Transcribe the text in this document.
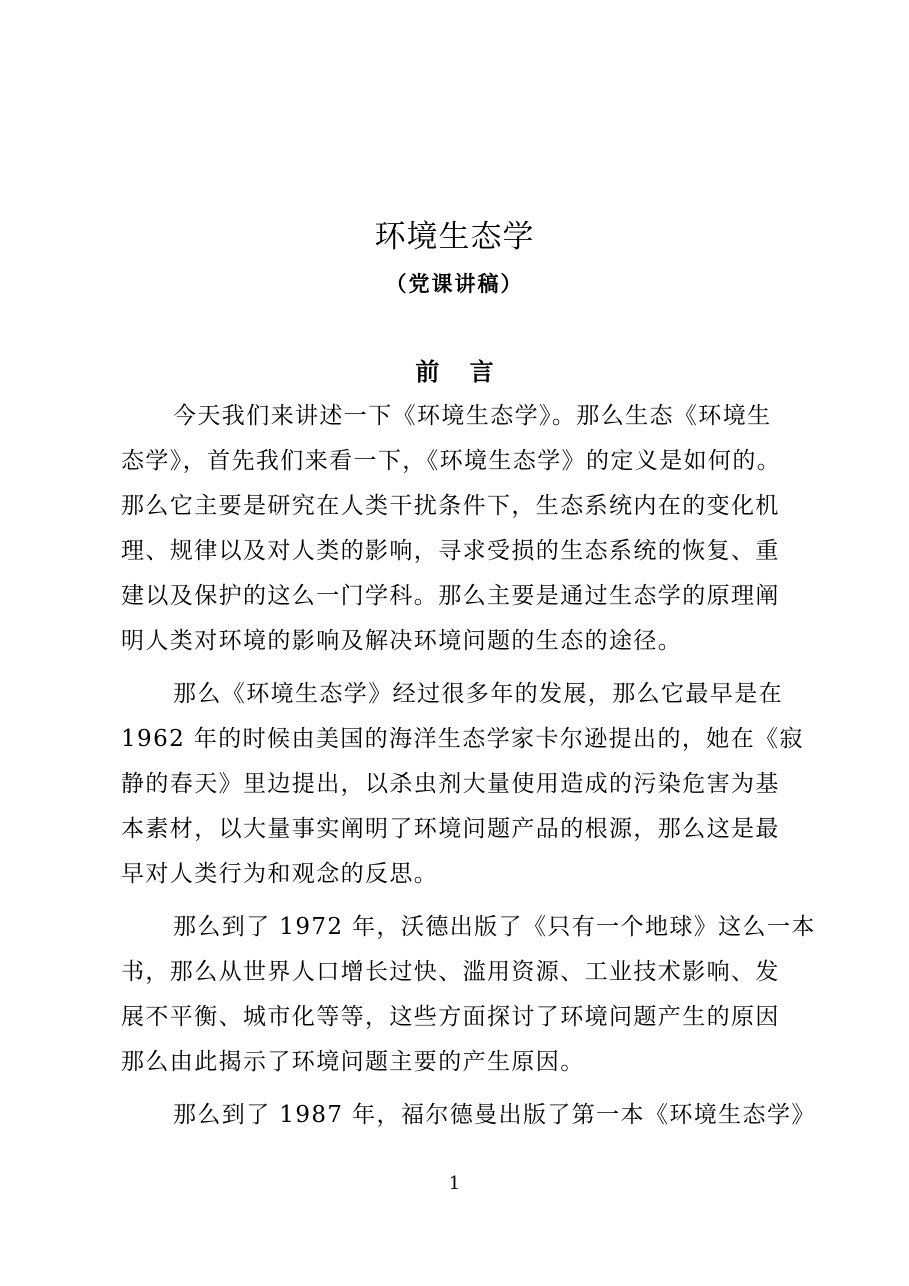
环境生态学
（党课讲稿）
前 言
今天我们来讲述一下《环境生态学》。那么生态《环境生
态学》，首先我们来看一下，《环境生态学》的定义是如何的。
那么它主要是研究在人类干扰条件下，生态系统内在的变化机
理、规律以及对人类的影响，寻求受损的生态系统的恢复、重
建以及保护的这么一门学科。那么主要是通过生态学的原理阐
明人类对环境的影响及解决环境问题的生态的途径。
那么《环境生态学》经过很多年的发展，那么它最早是在
1962 年的时候由美国的海洋生态学家卡尔逊提出的，她在《寂
静的春天》里边提出，以杀虫剂大量使用造成的污染危害为基
本素材，以大量事实阐明了环境问题产品的根源，那么这是最
早对人类行为和观念的反思。
那么到了 1972 年，沃德出版了《只有一个地球》这么一本
书，那么从世界人口增长过快、滥用资源、工业技术影响、发
展不平衡、城市化等等，这些方面探讨了环境问题产生的原因
那么由此揭示了环境问题主要的产生原因。
那么到了 1987 年，福尔德曼出版了第一本《环境生态学》
1
